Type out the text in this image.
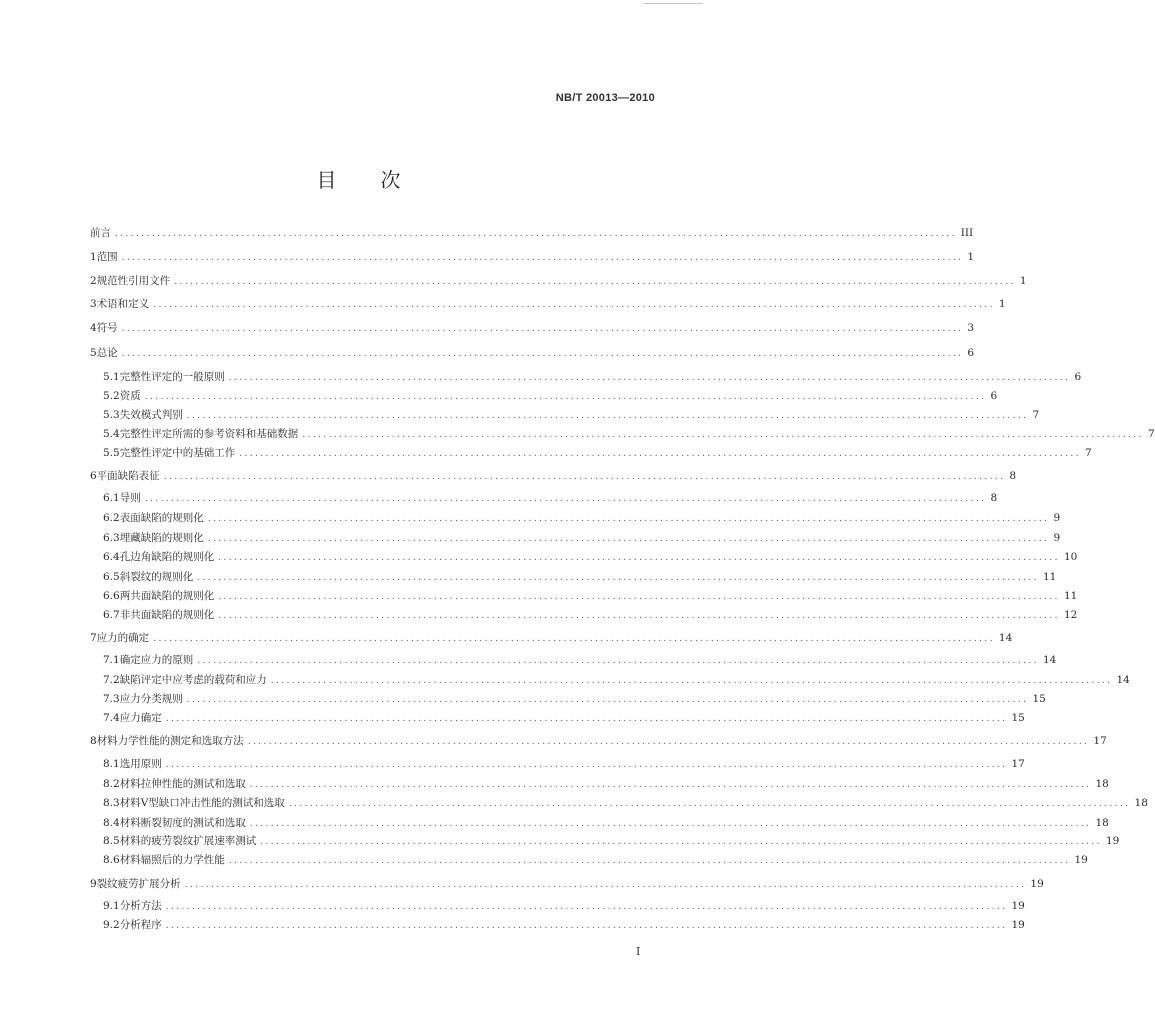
NB/T 20013—2010
目 次
前言 ................................................................................................................................................................ III
1 范围 ................................................................................................................................................................ 1
2 规范性引用文件 ................................................................................................................................................................ 1
3 术语和定义 ................................................................................................................................................................ 1
4 符号 ................................................................................................................................................................ 3
5 总论 ................................................................................................................................................................ 6
5.1 完整性评定的一般原则 ................................................................................................................................................................ 6
5.2 资质 ................................................................................................................................................................ 6
5.3 失效模式判别 ................................................................................................................................................................ 7
5.4 完整性评定所需的参考资料和基础数据 ................................................................................................................................................................ 7
5.5 完整性评定中的基础工作 ................................................................................................................................................................ 7
6 平面缺陷表征 ................................................................................................................................................................ 8
6.1 导则 ................................................................................................................................................................ 8
6.2 表面缺陷的规则化 ................................................................................................................................................................ 9
6.3 埋藏缺陷的规则化 ................................................................................................................................................................ 9
6.4 孔边角缺陷的规则化 ................................................................................................................................................................ 10
6.5 斜裂纹的规则化 ................................................................................................................................................................ 11
6.6 两共面缺陷的规则化 ................................................................................................................................................................ 11
6.7 非共面缺陷的规则化 ................................................................................................................................................................ 12
7 应力的确定 ................................................................................................................................................................ 14
7.1 确定应力的原则 ................................................................................................................................................................ 14
7.2 缺陷评定中应考虑的载荷和应力 ................................................................................................................................................................ 14
7.3 应力分类规则 ................................................................................................................................................................ 15
7.4 应力确定 ................................................................................................................................................................ 15
8 材料力学性能的测定和选取方法 ................................................................................................................................................................ 17
8.1 选用原则 ................................................................................................................................................................ 17
8.2 材料拉伸性能的测试和选取 ................................................................................................................................................................ 18
8.3 材料V型缺口冲击性能的测试和选取 ................................................................................................................................................................ 18
8.4 材料断裂韧度的测试和选取 ................................................................................................................................................................ 18
8.5 材料的疲劳裂纹扩展速率测试 ................................................................................................................................................................ 19
8.6 材料辐照后的力学性能 ................................................................................................................................................................ 19
9 裂纹疲劳扩展分析 ................................................................................................................................................................ 19
9.1 分析方法 ................................................................................................................................................................ 19
9.2 分析程序 ................................................................................................................................................................ 19
I
